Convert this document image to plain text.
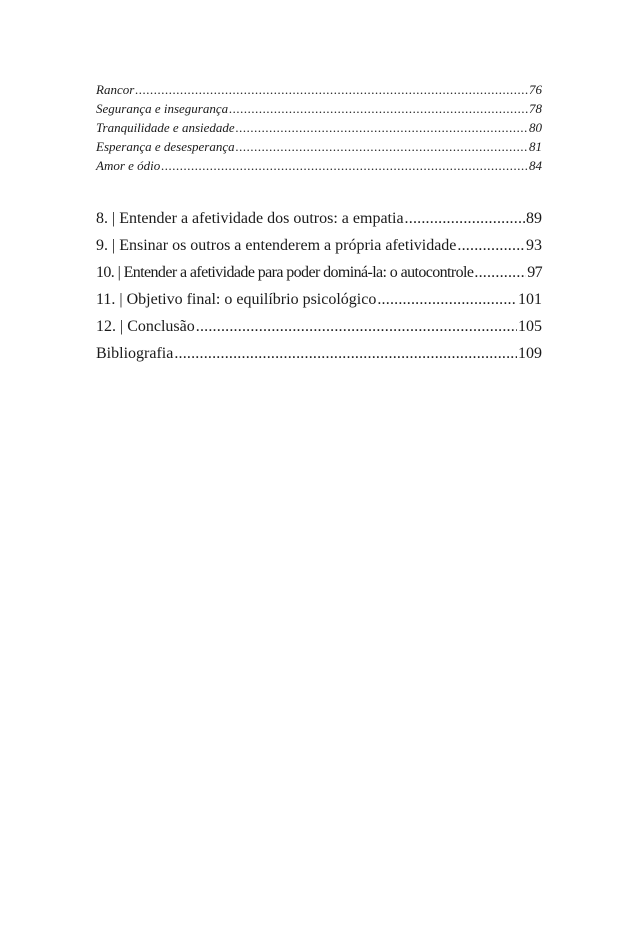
Rancor .....	76
Segurança e insegurança .....	78
Tranquilidade e ansiedade .....	80
Esperança e desesperança .....	81
Amor e ódio .....	84
8. | Entender a afetividade dos outros: a empatia .....	89
9. | Ensinar os outros a entenderem a própria afetividade .....	93
10. | Entender a afetividade para poder dominá-la: o autocontrole .....	97
11. | Objetivo final: o equilíbrio psicológico .....	101
12. | Conclusão .....	105
Bibliografia .....	109
